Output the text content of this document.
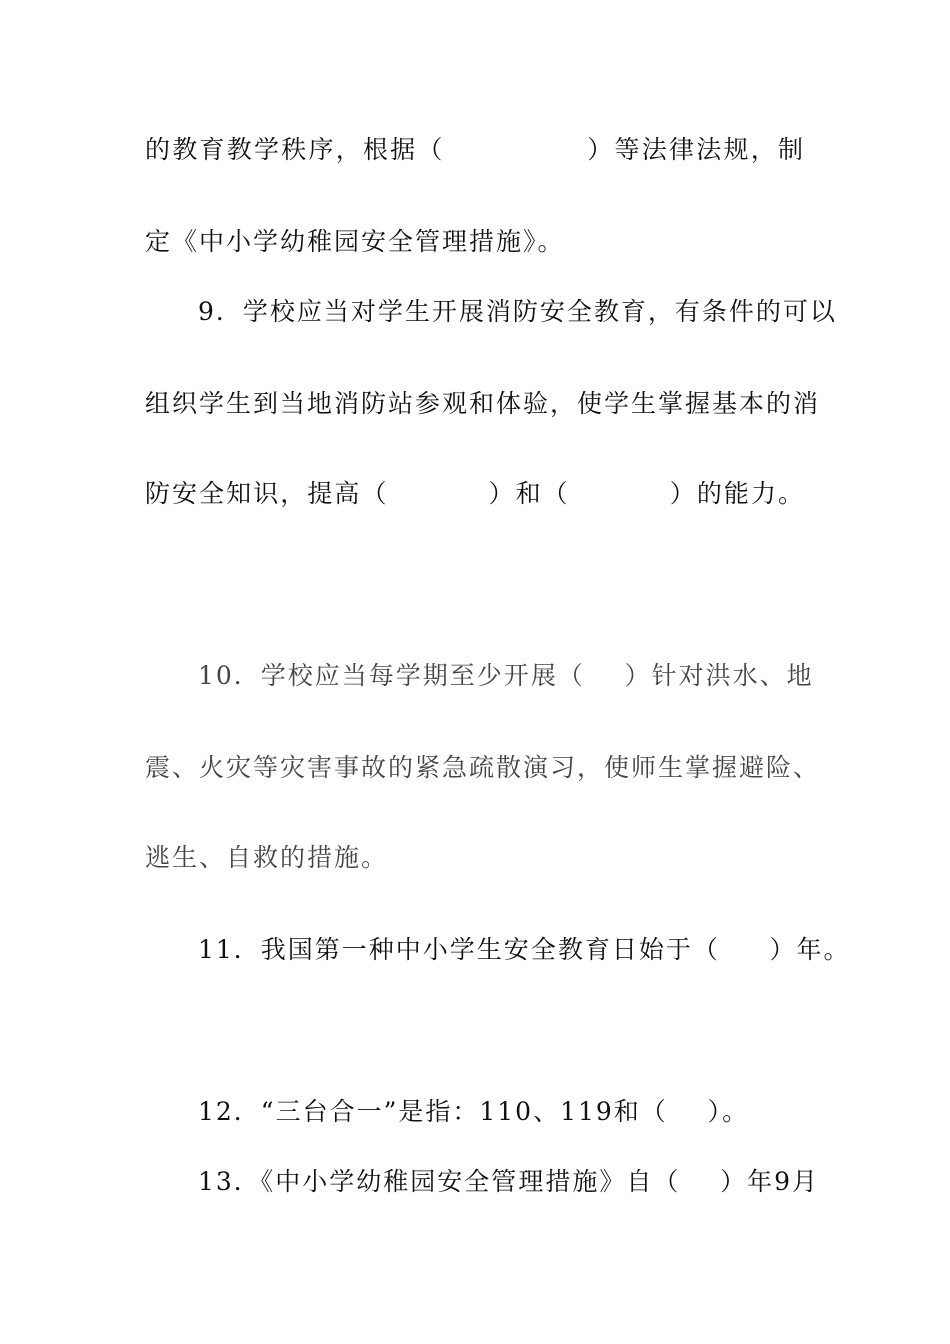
的教育教学秩序，根据（              ）等法律法规，制
定《中小学幼稚园安全管理措施》。
9．学校应当对学生开展消防安全教育，有条件的可以
组织学生到当地消防站参观和体验，使学生掌握基本的消
防安全知识，提高（          ）和（          ）的能力。
10．学校应当每学期至少开展（    ）针对洪水、地
震、火灾等灾害事故的紧急疏散演习，使师生掌握避险、
逃生、自救的措施。
11．我国第一种中小学生安全教育日始于（     ）年。
12．“三台合一”是指：110、119和（    ）。
13．《中小学幼稚园安全管理措施》自（    ）年9月
